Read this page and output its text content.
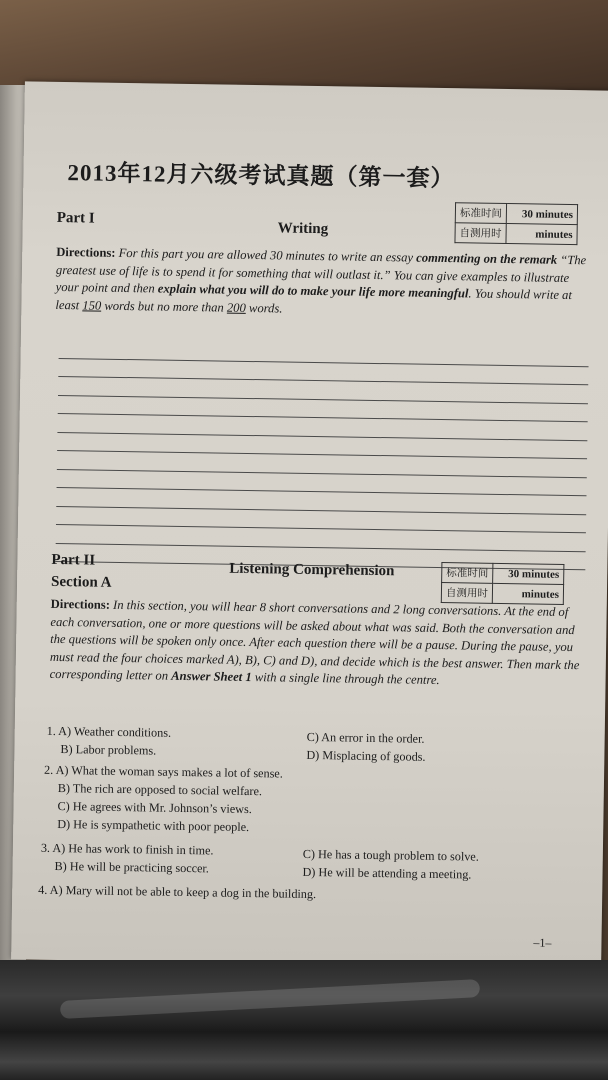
2013年12月六级考试真题（第一套）
Part I
Writing
标准时间	30 minutes
自测用时	minutes
Directions: For this part you are allowed 30 minutes to write an essay commenting on the remark “The greatest use of life is to spend it for something that will outlast it.” You can give examples to illustrate your point and then explain what you will do to make your life more meaningful. You should write at least 150 words but no more than 200 words.
Part II
Section A
Listening Comprehension	标准时间	30 minutes
自测用时	minutes
Directions: In this section, you will hear 8 short conversations and 2 long conversations. At the end of each conversation, one or more questions will be asked about what was said. Both the conversation and the questions will be spoken only once. After each question there will be a pause. During the pause, you must read the four choices marked A), B), C) and D), and decide which is the best answer. Then mark the corresponding letter on Answer Sheet 1 with a single line through the centre.
1. A) Weather conditions.
B) Labor problems.
C) An error in the order.
D) Misplacing of goods.
2. A) What the woman says makes a lot of sense.
B) The rich are opposed to social welfare.
C) He agrees with Mr. Johnson’s views.
D) He is sympathetic with poor people.
3. A) He has work to finish in time.
B) He will be practicing soccer.
C) He has a tough problem to solve.
D) He will be attending a meeting.
4. A) Mary will not be able to keep a dog in the building.
–1–
